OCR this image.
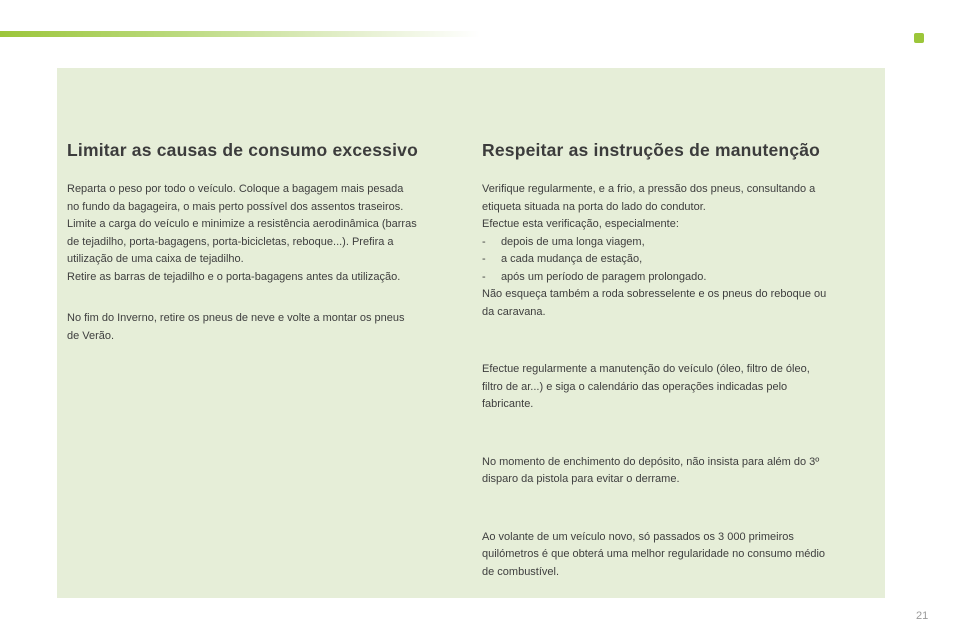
Limitar as causas de consumo excessivo

Reparta o peso por todo o veículo. Coloque a bagagem mais pesada
no fundo da bagageira, o mais perto possível dos assentos traseiros.
Limite a carga do veículo e minimize a resistência aerodinâmica (barras
de tejadilho, porta-bagagens, porta-bicicletas, reboque...). Prefira a
utilização de uma caixa de tejadilho.
Retire as barras de tejadilho e o porta-bagagens antes da utilização.

No fim do Inverno, retire os pneus de neve e volte a montar os pneus
de Verão.

Respeitar as instruções de manutenção

Verifique regularmente, e a frio, a pressão dos pneus, consultando a
etiqueta situada na porta do lado do condutor.
Efectue esta verificação, especialmente:
-     depois de uma longa viagem,
-     a cada mudança de estação,
-     após um período de paragem prolongado.
Não esqueça também a roda sobresselente e os pneus do reboque ou
da caravana.

Efectue regularmente a manutenção do veículo (óleo, filtro de óleo,
filtro de ar...) e siga o calendário das operações indicadas pelo
fabricante.

No momento de enchimento do depósito, não insista para além do 3º
disparo da pistola para evitar o derrame.

Ao volante de um veículo novo, só passados os 3 000 primeiros
quilómetros é que obterá uma melhor regularidade no consumo médio
de combustível.

21
